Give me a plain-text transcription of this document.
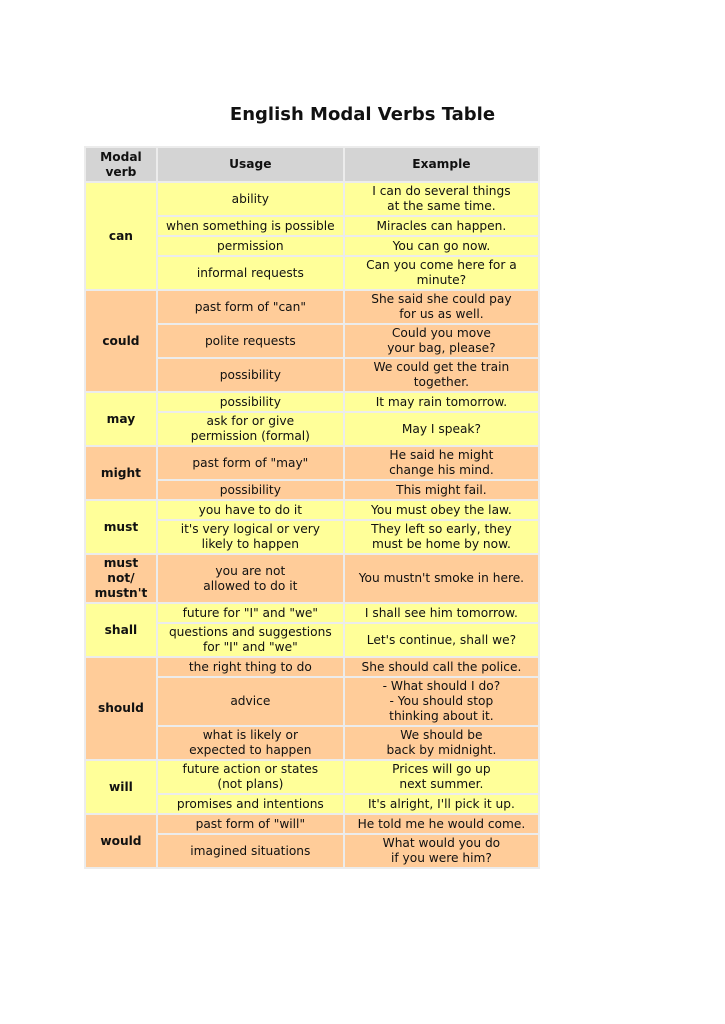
English Modal Verbs Table
Modal verb	Usage	Example
can	ability	I can do several things at the same time.
	when something is possible	Miracles can happen.
	permission	You can go now.
	informal requests	Can you come here for a minute?
could	past form of "can"	She said she could pay for us as well.
	polite requests	Could you move your bag, please?
	possibility	We could get the train together.
may	possibility	It may rain tomorrow.
	ask for or give permission (formal)	May I speak?
might	past form of "may"	He said he might change his mind.
	possibility	This might fail.
must	you have to do it	You must obey the law.
	it's very logical or very likely to happen	They left so early, they must be home by now.
must not/ mustn't	you are not allowed to do it	You mustn't smoke in here.
shall	future for "I" and "we"	I shall see him tomorrow.
	questions and suggestions for "I" and "we"	Let's continue, shall we?
should	the right thing to do	She should call the police.
	advice	- What should I do? - You should stop thinking about it.
	what is likely or expected to happen	We should be back by midnight.
will	future action or states (not plans)	Prices will go up next summer.
	promises and intentions	It's alright, I'll pick it up.
would	past form of "will"	He told me he would come.
	imagined situations	What would you do if you were him?
